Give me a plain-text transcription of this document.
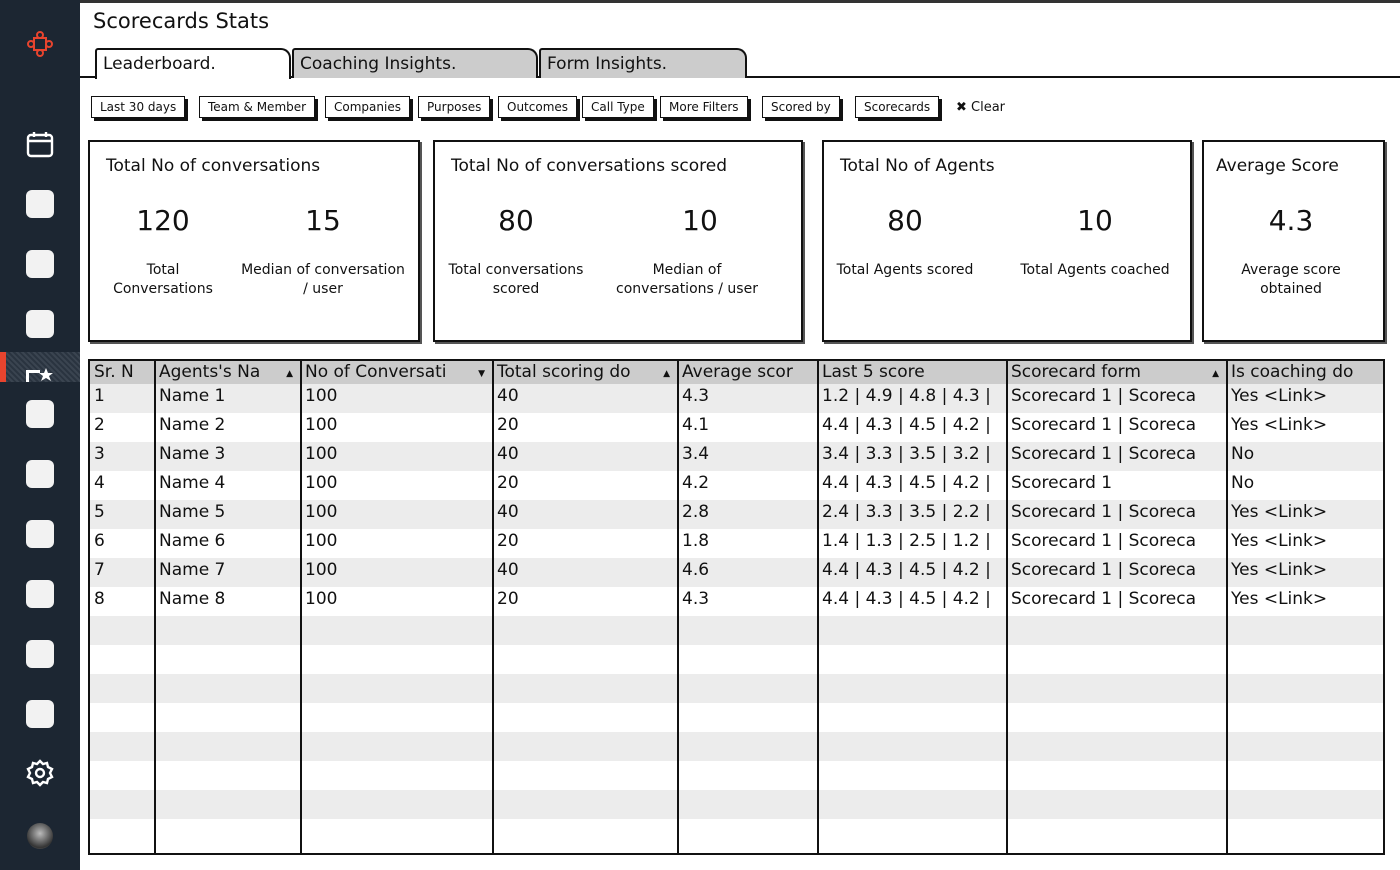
Scorecards Stats
Leaderboard.	Coaching Insights.	Form Insights.
Last 30 days	Team & Member	Companies	Purposes	Outcomes	Call Type	More Filters	Scored by	Scorecards	✖ Clear
Total No of conversations
120
Total Conversations
15
Median of conversation / user
Total No of conversations scored
80
Total conversations scored
10
Median of conversations / user
Total No of Agents
80
Total Agents scored
10
Total Agents coached
Average Score
4.3
Average score obtained
Sr. N	Agents's Na	▲ No of Conversati	▼ Total scoring do	▲ Average scor	Last 5 score	Scorecard form	▲ Is coaching do
1	Name 1	100	40	4.3	1.2 | 4.9 | 4.8 | 4.3 |	Scorecard 1 | Scoreca	Yes <Link>
2	Name 2	100	20	4.1	4.4 | 4.3 | 4.5 | 4.2 |	Scorecard 1 | Scoreca	Yes <Link>
3	Name 3	100	40	3.4	3.4 | 3.3 | 3.5 | 3.2 |	Scorecard 1 | Scoreca	No
4	Name 4	100	20	4.2	4.4 | 4.3 | 4.5 | 4.2 |	Scorecard 1	No
5	Name 5	100	40	2.8	2.4 | 3.3 | 3.5 | 2.2 |	Scorecard 1 | Scoreca	Yes <Link>
6	Name 6	100	20	1.8	1.4 | 1.3 | 2.5 | 1.2 |	Scorecard 1 | Scoreca	Yes <Link>
7	Name 7	100	40	4.6	4.4 | 4.3 | 4.5 | 4.2 |	Scorecard 1 | Scoreca	Yes <Link>
8	Name 8	100	20	4.3	4.4 | 4.3 | 4.5 | 4.2 |	Scorecard 1 | Scoreca	Yes <Link>
